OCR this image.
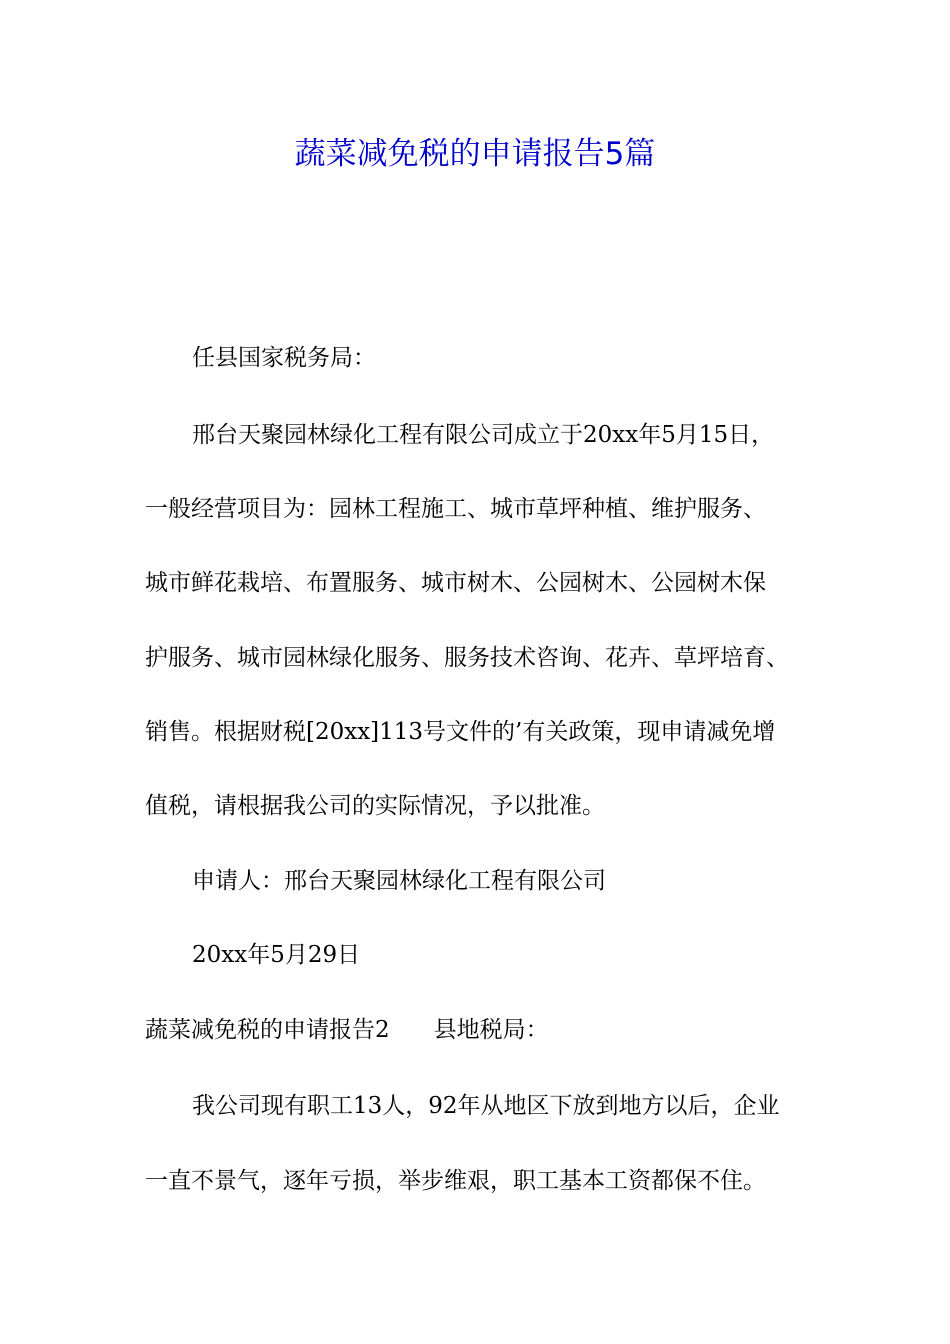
蔬菜减免税的申请报告5篇

任县国家税务局：

邢台天聚园林绿化工程有限公司成立于20xx年5月15日，

一般经营项目为：园林工程施工、城市草坪种植、维护服务、

城市鲜花栽培、布置服务、城市树木、公园树木、公园树木保

护服务、城市园林绿化服务、服务技术咨询、花卉、草坪培育、

销售。根据财税[20xx]113号文件的’有关政策，现申请减免增

值税，请根据我公司的实际情况，予以批准。

申请人：邢台天聚园林绿化工程有限公司

20xx年5月29日

蔬菜减免税的申请报告2 县地税局：

我公司现有职工13人，92年从地区下放到地方以后，企业

一直不景气，逐年亏损，举步维艰，职工基本工资都保不住。
